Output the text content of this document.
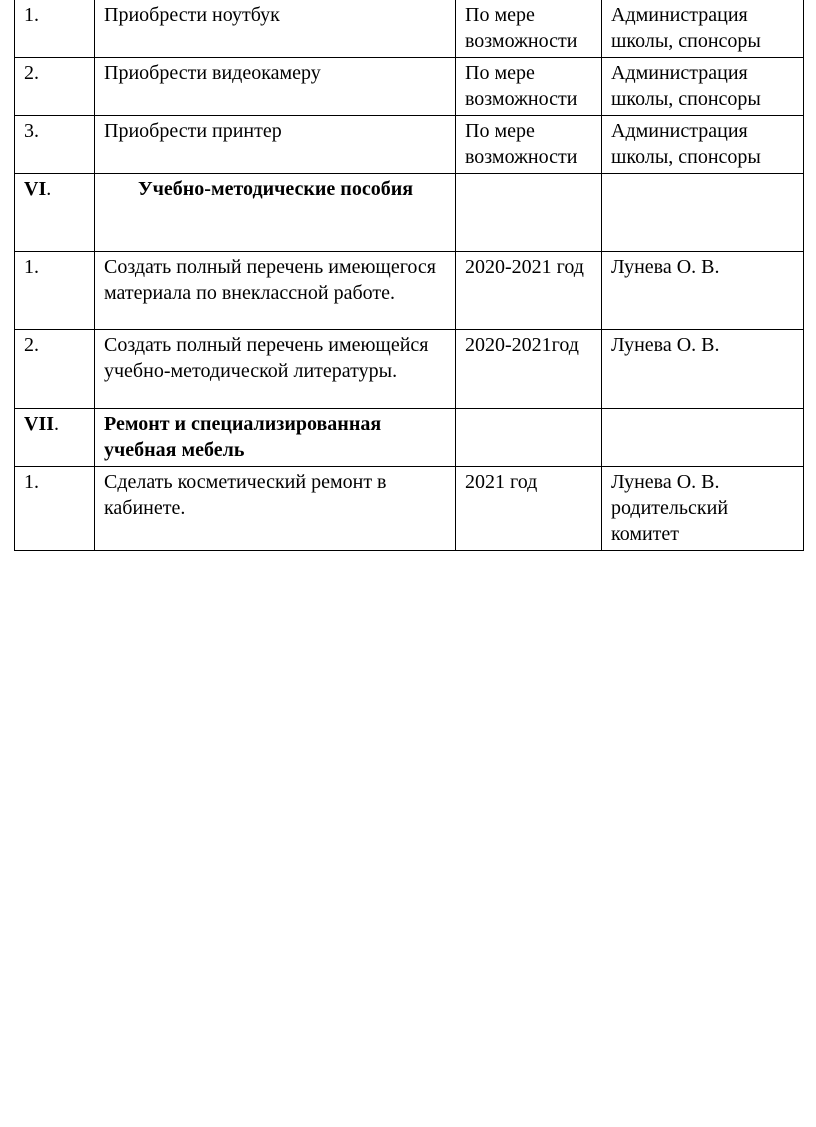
1.	Приобрести ноутбук	По мере возможности	Администрация школы, спонсоры
2.	Приобрести видеокамеру	По мере возможности	Администрация школы, спонсоры
3.	Приобрести принтер	По мере возможности	Администрация школы, спонсоры
VI.	Учебно-методические пособия		
1.	Создать полный перечень имеющегося материала по внеклассной работе.	2020-2021 год	Лунева О. В.
2.	Создать полный перечень имеющейся учебно-методической литературы.	2020-2021год	Лунева О. В.
VII.	Ремонт и специализированная учебная мебель		
1.	Сделать косметический ремонт в кабинете.	2021 год	Лунева О. В. родительский комитет
